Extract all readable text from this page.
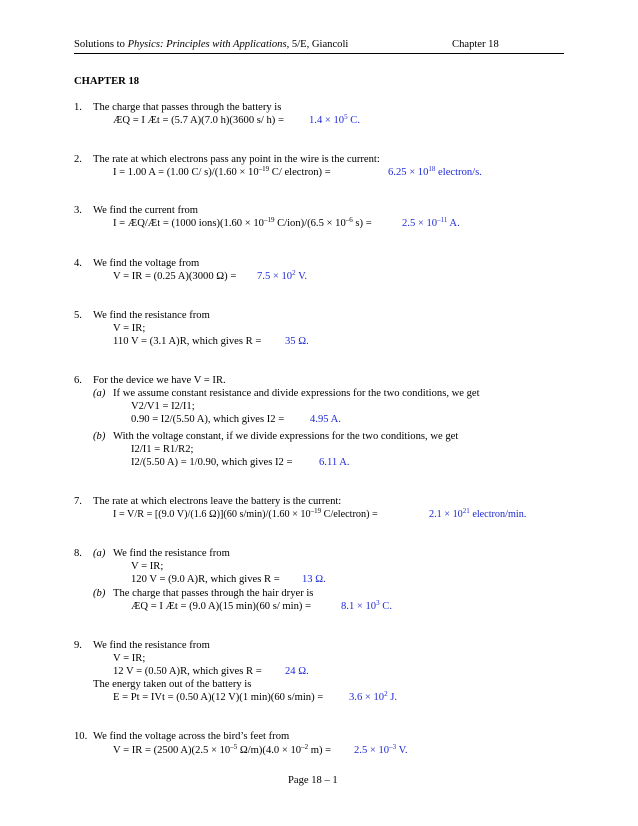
Solutions to Physics: Principles with Applications, 5/E, Giancoli	Chapter 18
CHAPTER 18
1. The charge that passes through the battery is
ÆQ = I Æt = (5.7 A)(7.0 h)(3600 s/ $h) = 1.4 \times 10^5$ C.
2. The rate at which electrons pass any point in the wire is the current:
I = 1.00 A = (1.00 C/ $s)/(1.60 \times 10^{-19}$ C/ electron) =	$6.25 \times 10^{18}$ electron/s.
3. We find the current from
I = ÆQ/Æt = (1000 ions)(1.60 × $10^{-19}$ $C/ion)/(6.5 \times 10^{-6}$ s) =	$2.5 \times 10^{-11}$ A.
4. We find the voltage from
V = IR = (0.25 A)(3000 $\Omega) = 7.5 \times 10^2$ V.
5. We find the resistance from
V = IR;
110 V = (3.1 A)R, which gives R = 35 Ω.
6. For the device we have V = IR.
(a) If we assume constant resistance and divide expressions for the two conditions, we get
V2/V1 = I2/I1;
0.90 = I2/(5.50 A), which gives I2 = 4.95 A.
(b) With the voltage constant, if we divide expressions for the two conditions, we get
I2/I1 = R1/R2;
I2/(5.50 A) = 1/0.90, which gives I2 =	6.11 A.
7. The rate at which electrons leave the battery is the current:
I = V/R = [(9.0 V)/(1.6 Ω)](60 $s/\min)/(1.60 \times 10^{-19}$ C/electron) =	$2.1 \times 10^{21}$ electron/min.
8. (a) We find the resistance from
V = IR;
120 V = (9.0 A)R, which gives R = 13 Ω.
(b) The charge that passes through the hair dryer is
ÆQ = I Æt = (9.0 A)(15 min)(60 s/ min) =	$8.1 \times 10^3$ C.
9. We find the resistance from
V = IR;
12 V = (0.50 A)R, which gives R = 24 Ω.
The energy taken out of the battery is
E = Pt = IVt = (0.50 A)(12 V)(1 min)(60 $s/\min) = 3.6 \times 10^2$ J.
10. We find the voltage across the bird’s feet from
V = IR = (2500 $A)(2.5 \times 10^{-5}$ $\Omega/m)(4.0 \times 10^{-2}$ $m) = 2.5 \times 10^{-3}$ V.
Page 18 – 1
